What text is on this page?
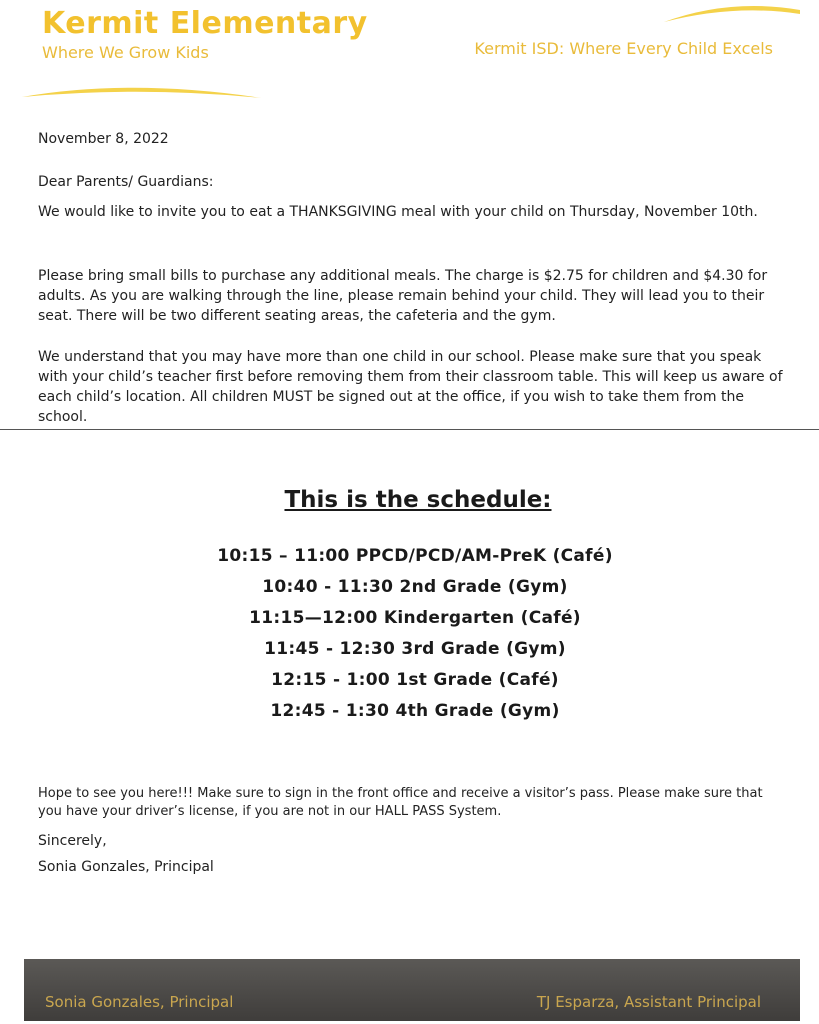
Kermit Elementary
Where We Grow Kids	Kermit ISD: Where Every Child Excels
November 8, 2022
Dear Parents/ Guardians:
We would like to invite you to eat a THANKSGIVING meal with your child on Thursday, November 10th.
Please bring small bills to purchase any additional meals. The charge is $2.75 for children and $4.30 for adults. As you are walking through the line, please remain behind your child. They will lead you to their seat. There will be two different seating areas, the cafeteria and the gym.
We understand that you may have more than one child in our school. Please make sure that you speak with your child’s teacher first before removing them from their classroom table. This will keep us aware of each child’s location. All children MUST be signed out at the office, if you wish to take them from the school.
This is the schedule:
10:15 – 11:00 PPCD/PCD/AM-PreK (Café)
10:40 - 11:30 2nd Grade (Gym)
11:15—12:00 Kindergarten (Café)
11:45 - 12:30 3rd Grade (Gym)
12:15 - 1:00 1st Grade (Café)
12:45 - 1:30 4th Grade (Gym)
Hope to see you here!!! Make sure to sign in the front office and receive a visitor’s pass. Please make sure that you have your driver’s license, if you are not in our HALL PASS System.
Sincerely,
Sonia Gonzales, Principal
Sonia Gonzales, Principal	TJ Esparza, Assistant Principal
